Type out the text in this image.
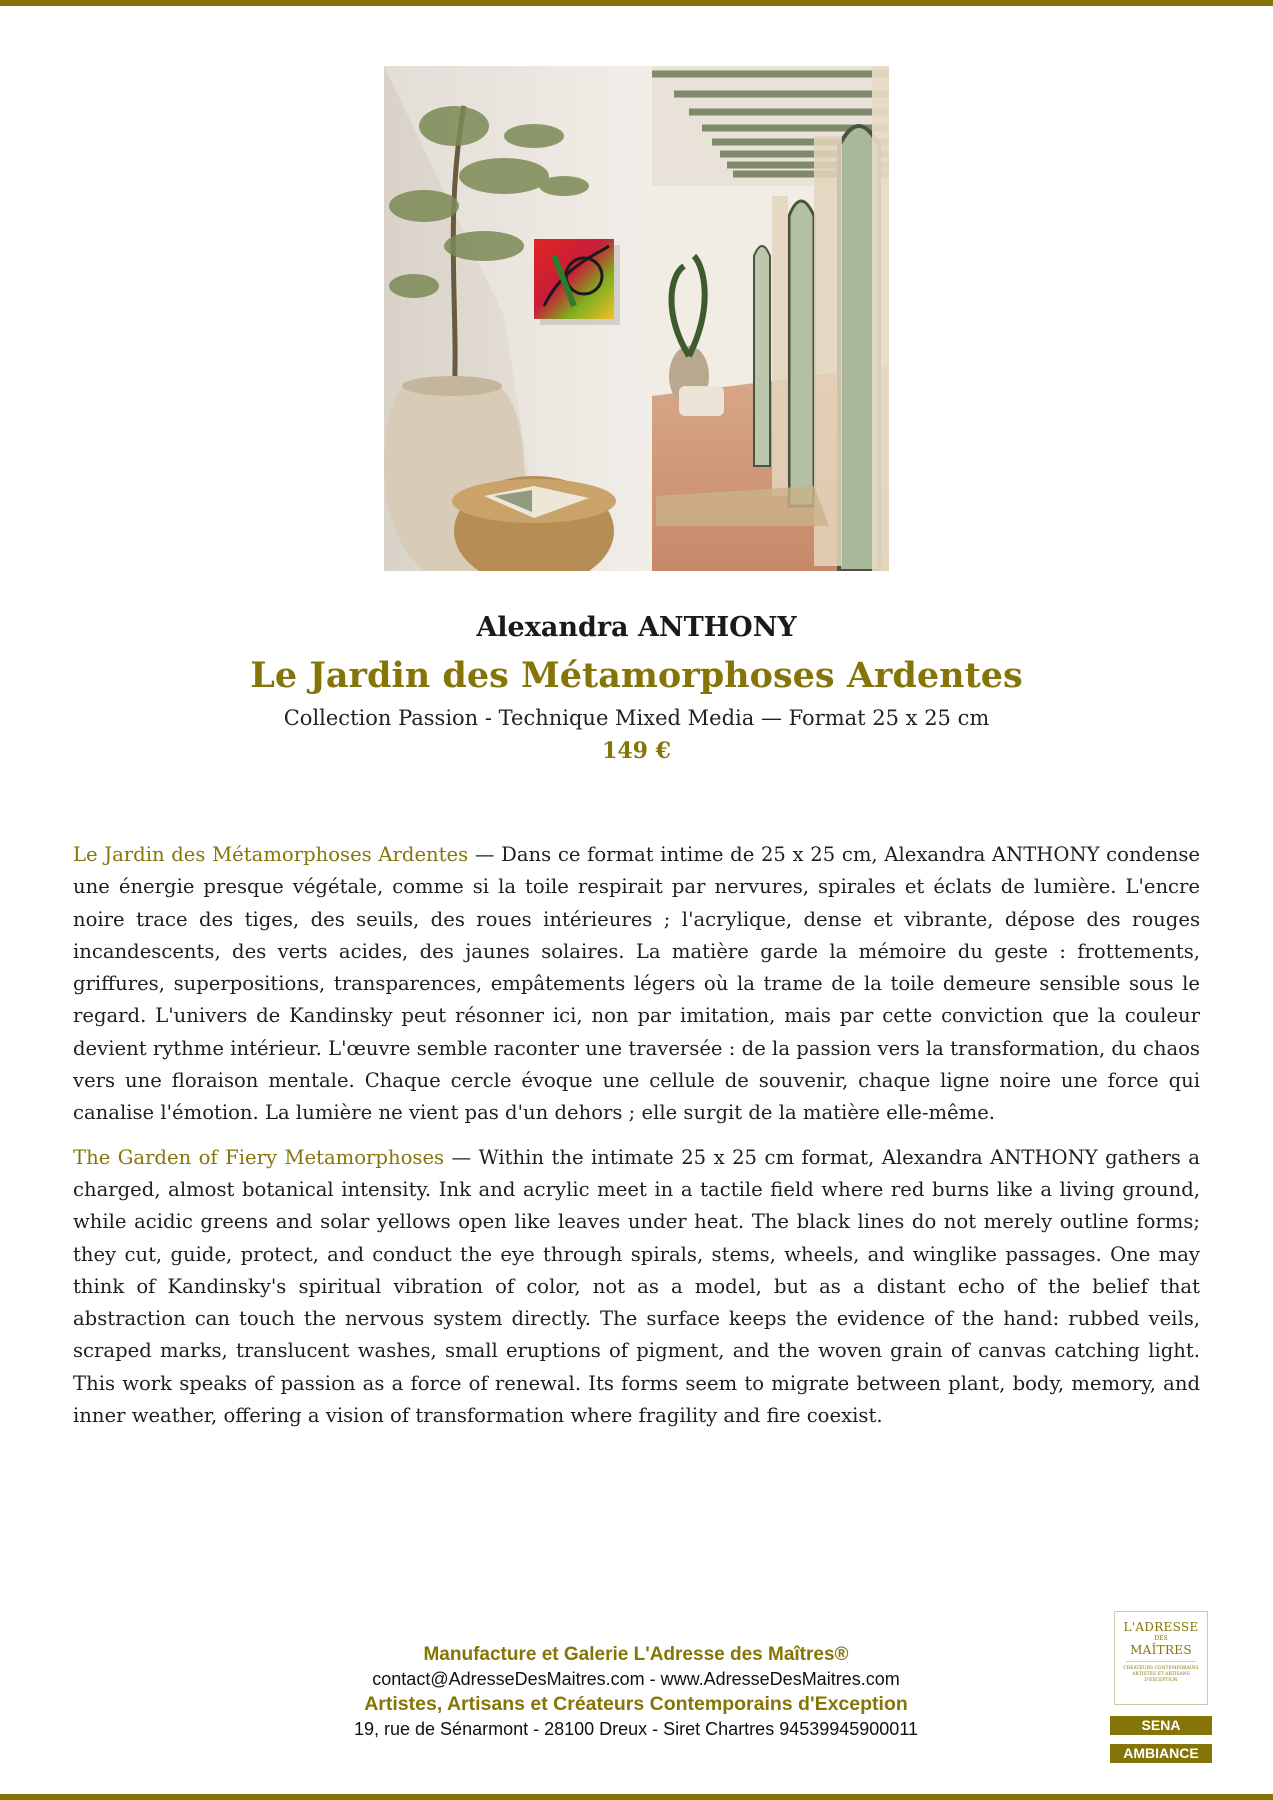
Alexandra ANTHONY
Le Jardin des Métamorphoses Ardentes
Collection Passion - Technique Mixed Media — Format 25 x 25 cm
149 €

Le Jardin des Métamorphoses Ardentes — Dans ce format intime de 25 x 25 cm, Alexandra ANTHONY condense une énergie presque végétale, comme si la toile respirait par nervures, spirales et éclats de lumière. L'encre noire trace des tiges, des seuils, des roues intérieures ; l'acrylique, dense et vibrante, dépose des rouges incandescents, des verts acides, des jaunes solaires. La matière garde la mémoire du geste : frottements, griffures, superpositions, transparences, empâtements légers où la trame de la toile demeure sensible sous le regard. L'univers de Kandinsky peut résonner ici, non par imitation, mais par cette conviction que la couleur devient rythme intérieur. L'œuvre semble raconter une traversée : de la passion vers la transformation, du chaos vers une floraison mentale. Chaque cercle évoque une cellule de souvenir, chaque ligne noire une force qui canalise l'émotion. La lumière ne vient pas d'un dehors ; elle surgit de la matière elle-même.

The Garden of Fiery Metamorphoses — Within the intimate 25 x 25 cm format, Alexandra ANTHONY gathers a charged, almost botanical intensity. Ink and acrylic meet in a tactile field where red burns like a living ground, while acidic greens and solar yellows open like leaves under heat. The black lines do not merely outline forms; they cut, guide, protect, and conduct the eye through spirals, stems, wheels, and winglike passages. One may think of Kandinsky's spiritual vibration of color, not as a model, but as a distant echo of the belief that abstraction can touch the nervous system directly. The surface keeps the evidence of the hand: rubbed veils, scraped marks, translucent washes, small eruptions of pigment, and the woven grain of canvas catching light. This work speaks of passion as a force of renewal. Its forms seem to migrate between plant, body, memory, and inner weather, offering a vision of transformation where fragility and fire coexist.

Manufacture et Galerie L'Adresse des Maîtres®
contact@AdresseDesMaitres.com - www.AdresseDesMaitres.com
Artistes, Artisans et Créateurs Contemporains d'Exception
19, rue de Sénarmont - 28100 Dreux - Siret Chartres 94539945900011
L'ADRESSE
DES
MAÎTRES
CRÉATEURS CONTEMPORAINS ARTISTES ET ARTISANS D'EXCEPTION
SENA
AMBIANCE
